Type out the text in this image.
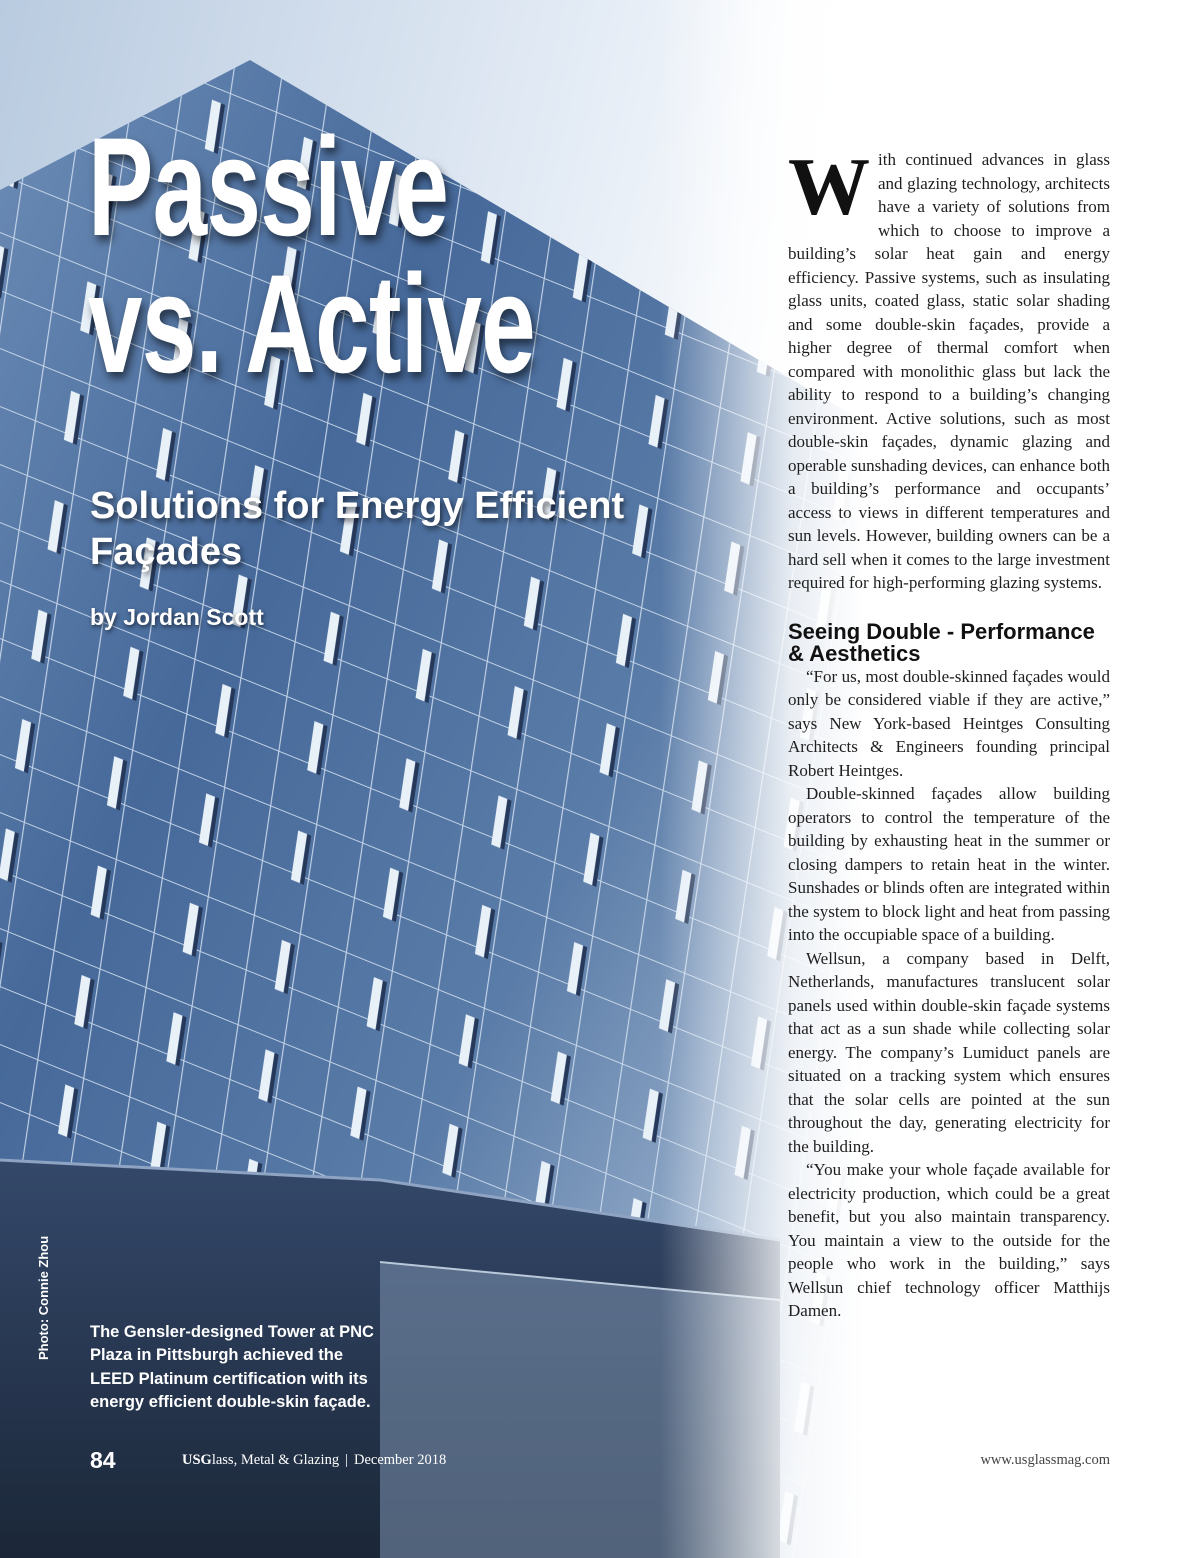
Passive
vs. Active
Solutions for Energy Efficient Façades

by Jordan Scott

Photo: Connie Zhou The Gensler-designed Tower at PNC Plaza in Pittsburgh achieved the LEED Platinum certification with its energy efficient double-skin façade.

With continued advances in glass and glazing technology, architects have a variety of solutions from which to choose to improve a building’s solar heat gain and energy efficiency. Passive systems, such as insulating glass units, coated glass, static solar shading and some double-skin façades, provide a higher degree of thermal comfort when compared with monolithic glass but lack the ability to respond to a building’s changing environment. Active solutions, such as most double-skin façades, dynamic glazing and operable sunshading devices, can enhance both a building’s performance and occupants’ access to views in different temperatures and sun levels. However, building owners can be a hard sell when it comes to the large investment required for high-performing glazing systems.

Seeing Double - Performance & Aesthetics

“For us, most double-skinned façades would only be considered viable if they are active,” says New York-based Heintges Consulting Architects & Engineers founding principal Robert Heintges.

Double-skinned façades allow building operators to control the temperature of the building by exhausting heat in the summer or closing dampers to retain heat in the winter. Sunshades or blinds often are integrated within the system to block light and heat from passing into the occupiable space of a building.

Wellsun, a company based in Delft, Netherlands, manufactures translucent solar panels used within double-skin façade systems that act as a sun shade while collecting solar energy. The company’s Lumiduct panels are situated on a tracking system which ensures that the solar cells are pointed at the sun throughout the day, generating electricity for the building.

“You make your whole façade available for electricity production, which could be a great benefit, but you also maintain transparency. You maintain a view to the outside for the people who work in the building,” says Wellsun chief technology officer Matthijs Damen.

84	USGlass, Metal & Glazing | December 2018	www.usglassmag.com
